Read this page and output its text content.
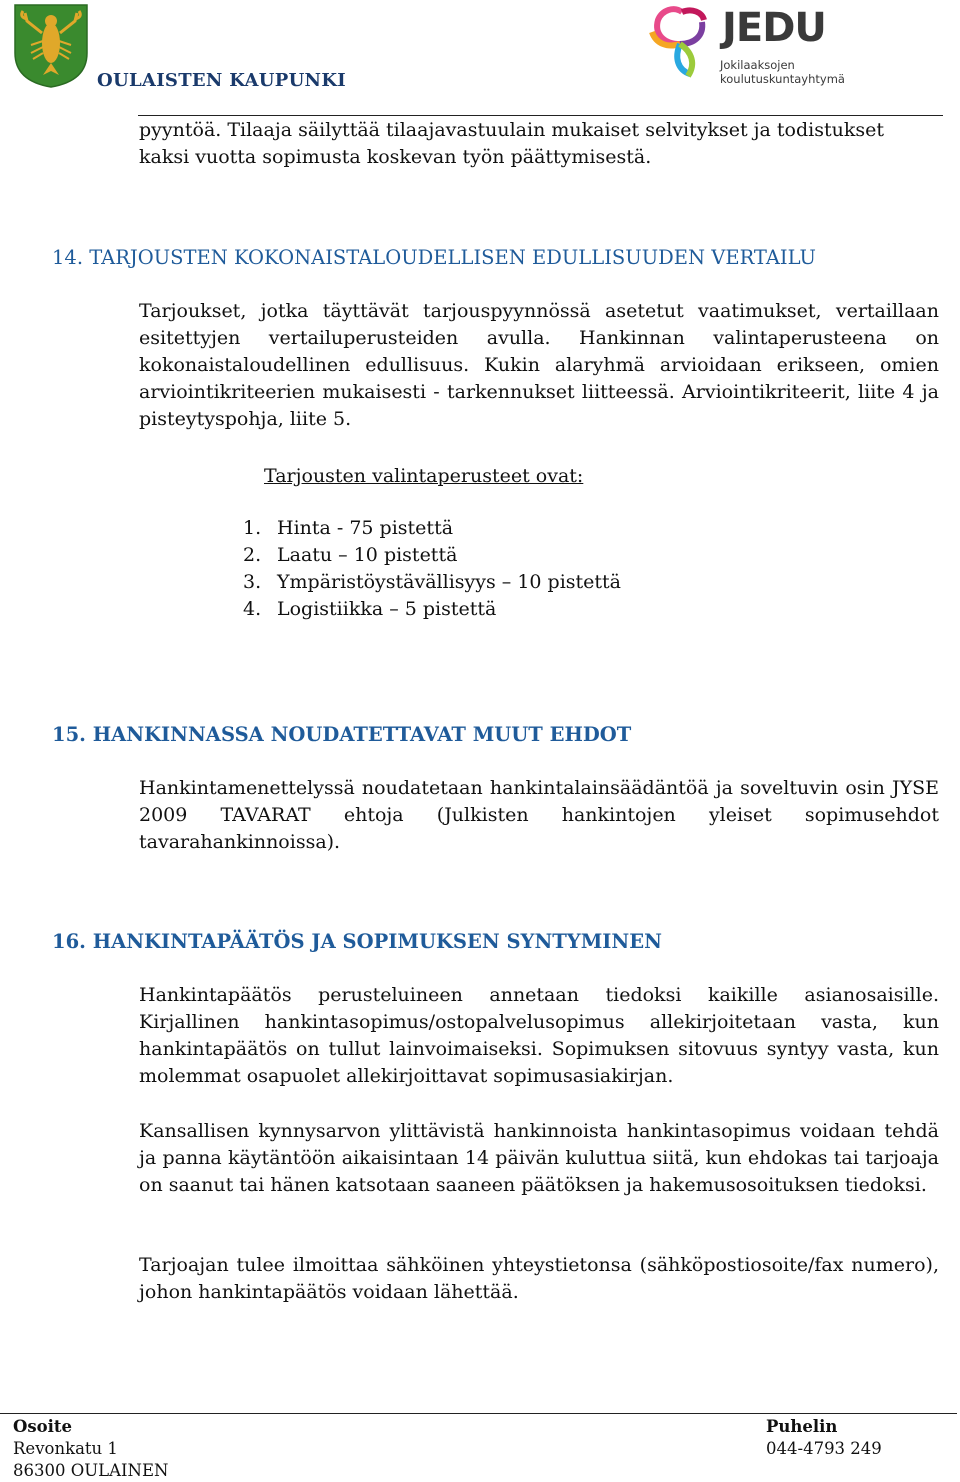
OULAISTEN KAUPUNKI
JEDU
Jokilaaksojen
koulutuskuntayhtymä
pyyntöä. Tilaaja säilyttää tilaajavastuulain mukaiset selvitykset ja todistukset kaksi vuotta sopimusta koskevan työn päättymisestä.
14. TARJOUSTEN KOKONAISTALOUDELLISEN EDULLISUUDEN VERTAILU
Tarjoukset, jotka täyttävät tarjouspyynnössä asetetut vaatimukset, vertaillaan esitettyjen vertailuperusteiden avulla. Hankinnan valintaperusteena on kokonaistaloudellinen edullisuus. Kukin alaryhmä arvioidaan erikseen, omien arviointikriteerien mukaisesti - tarkennukset liitteessä. Arviointikriteerit, liite 4 ja pisteytyspohja, liite 5.
Tarjousten valintaperusteet ovat:
1. Hinta - 75 pistettä
2. Laatu – 10 pistettä
3. Ympäristöystävällisyys – 10 pistettä
4. Logistiikka – 5 pistettä
15. HANKINNASSA NOUDATETTAVAT MUUT EHDOT
Hankintamenettelyssä noudatetaan hankintalainsäädäntöä ja soveltuvin osin JYSE 2009 TAVARAT ehtoja (Julkisten hankintojen yleiset sopimusehdot tavarahankinnoissa).
16. HANKINTAPÄÄTÖS JA SOPIMUKSEN SYNTYMINEN
Hankintapäätös perusteluineen annetaan tiedoksi kaikille asianosaisille. Kirjallinen hankintasopimus/ostopalvelusopimus allekirjoitetaan vasta, kun hankintapäätös on tullut lainvoimaiseksi. Sopimuksen sitovuus syntyy vasta, kun molemmat osapuolet allekirjoittavat sopimusasiakirjan.
Kansallisen kynnysarvon ylittävistä hankinnoista hankintasopimus voidaan tehdä ja panna käytäntöön aikaisintaan 14 päivän kuluttua siitä, kun ehdokas tai tarjoaja on saanut tai hänen katsotaan saaneen päätöksen ja hakemusosoituksen tiedoksi.
Tarjoajan tulee ilmoittaa sähköinen yhteystietonsa (sähköpostiosoite/fax numero), johon hankintapäätös voidaan lähettää.
Osoite
Revonkatu 1
86300 OULAINEN
Puhelin
044-4793 249
